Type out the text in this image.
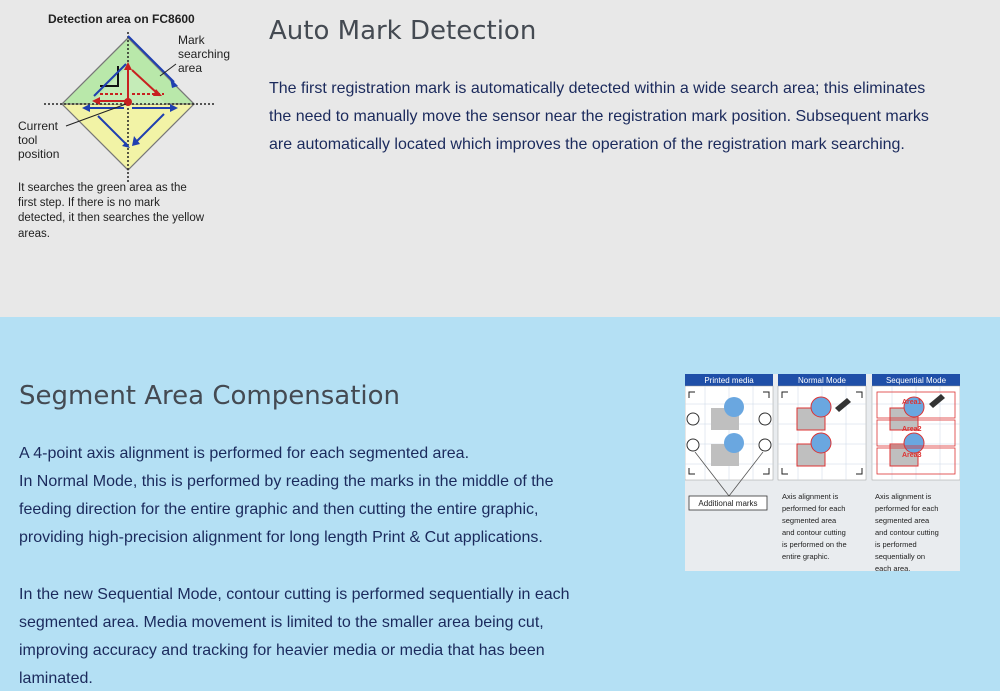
Detection area on FC8600
Mark
searching
area
Current
tool
position
It searches the green area as the
first step. If there is no mark
detected, it then searches the yellow
areas.
Auto Mark Detection

The first registration mark is automatically detected within a wide search area; this eliminates

the need to manually move the sensor near the registration mark position. Subsequent marks

are automatically located which improves the operation of the registration mark searching.

Segment Area Compensation

A 4-point axis alignment is performed for each segmented area.

In Normal Mode, this is performed by reading the marks in the middle of the

feeding direction for the entire graphic and then cutting the entire graphic,

providing high-precision alignment for long length Print & Cut applications.

In the new Sequential Mode, contour cutting is performed sequentially in each

segmented area. Media movement is limited to the smaller area being cut,

improving accuracy and tracking for heavier media or media that has been

laminated.

Printed media	Normal Mode	Sequential Mode
Area1
Area2
Area3
Additional marks
Axis alignment is
performed for each
segmented area
and contour cutting
is performed on the
entire graphic.
Axis alignment is
performed for each
segmented area
and contour cutting
is performed
sequentially on
each area.
